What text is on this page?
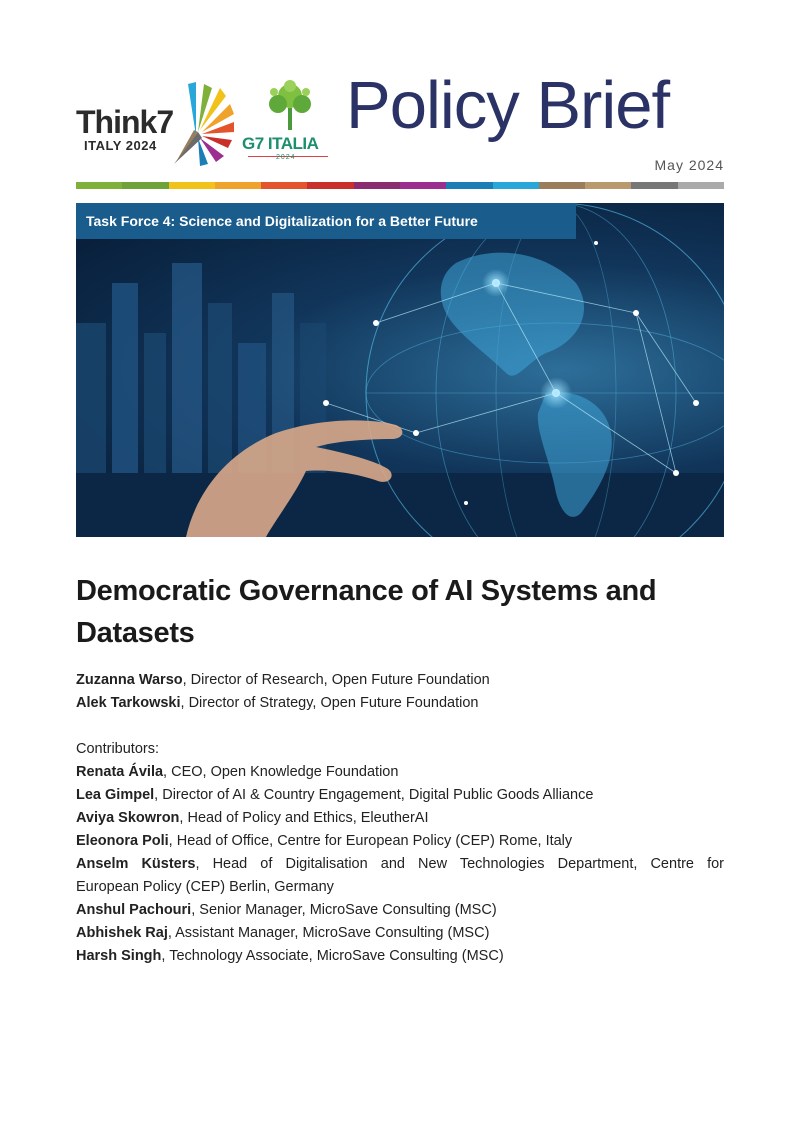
Think7
ITALY 2024	G7 ITALIA
2024
Policy Brief
May 2024
Task Force 4: Science and Digitalization for a Better Future
Democratic Governance of AI Systems and Datasets
Zuzanna Warso, Director of Research, Open Future Foundation
Alek Tarkowski, Director of Strategy, Open Future Foundation
Contributors:
Renata Ávila, CEO, Open Knowledge Foundation
Lea Gimpel, Director of AI & Country Engagement, Digital Public Goods Alliance
Aviya Skowron, Head of Policy and Ethics, EleutherAI
Eleonora Poli, Head of Office, Centre for European Policy (CEP) Rome, Italy
Anselm Küsters, Head of Digitalisation and New Technologies Department, Centre for
European Policy (CEP) Berlin, Germany
Anshul Pachouri, Senior Manager, MicroSave Consulting (MSC)
Abhishek Raj, Assistant Manager, MicroSave Consulting (MSC)
Harsh Singh, Technology Associate, MicroSave Consulting (MSC)
